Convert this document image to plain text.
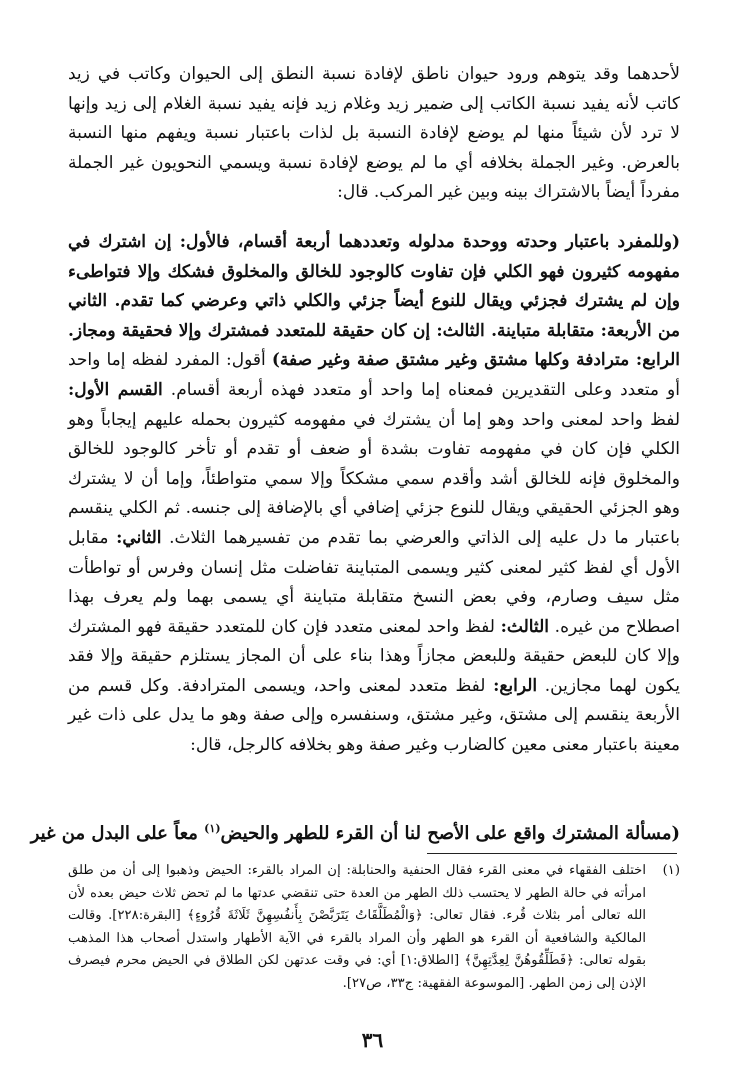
لأحدهما وقد يتوهم ورود حيوان ناطق لإفادة نسبة النطق إلى الحيوان وكاتب في زيد كاتب لأنه يفيد نسبة الكاتب إلى ضمير زيد وغلام زيد فإنه يفيد نسبة الغلام إلى زيد وإنها لا ترد لأن شيئاً منها لم يوضع لإفادة النسبة بل لذات باعتبار نسبة ويفهم منها النسبة بالعرض. وغير الجملة بخلافه أي ما لم يوضع لإفادة نسبة ويسمي النحويون غير الجملة مفرداً أيضاً بالاشتراك بينه وبين غير المركب. قال:

(وللمفرد باعتبار وحدته ووحدة مدلوله وتعددهما أربعة أقسام، فالأول: إن اشترك في مفهومه كثيرون فهو الكلي فإن تفاوت كالوجود للخالق والمخلوق فشكك وإلا فتواطىء وإن لم يشترك فجزئي ويقال للنوع أيضاً جزئي والكلي ذاتي وعرضي كما تقدم. الثاني من الأربعة: متقابلة متباينة. الثالث: إن كان حقيقة للمتعدد فمشترك وإلا فحقيقة ومجاز. الرابع: مترادفة وكلها مشتق وغير مشتق صفة وغير صفة) أقول: المفرد لفظه إما واحد أو متعدد وعلى التقديرين فمعناه إما واحد أو متعدد فهذه أربعة أقسام. القسم الأول: لفظ واحد لمعنى واحد وهو إما أن يشترك في مفهومه كثيرون بحمله عليهم إيجاباً وهو الكلي فإن كان في مفهومه تفاوت بشدة أو ضعف أو تقدم أو تأخر كالوجود للخالق والمخلوق فإنه للخالق أشد وأقدم سمي مشككاً وإلا سمي متواطئاً، وإما أن لا يشترك وهو الجزئي الحقيقي ويقال للنوع جزئي إضافي أي بالإضافة إلى جنسه. ثم الكلي ينقسم باعتبار ما دل عليه إلى الذاتي والعرضي بما تقدم من تفسيرهما الثلاث. الثاني: مقابل الأول أي لفظ كثير لمعنى كثير ويسمى المتباينة تفاضلت مثل إنسان وفرس أو تواطأت مثل سيف وصارم، وفي بعض النسخ متقابلة متباينة أي يسمى بهما ولم يعرف بهذا اصطلاح من غيره. الثالث: لفظ واحد لمعنى متعدد فإن كان للمتعدد حقيقة فهو المشترك وإلا كان للبعض حقيقة وللبعض مجازاً وهذا بناء على أن المجاز يستلزم حقيقة وإلا فقد يكون لهما مجازين. الرابع: لفظ متعدد لمعنى واحد، ويسمى المترادفة. وكل قسم من الأربعة ينقسم إلى مشتق، وغير مشتق، وسنفسره وإلى صفة وهو ما يدل على ذات غير معينة باعتبار معنى معين كالضارب وغير صفة وهو بخلافه كالرجل، قال:

(مسألة المشترك واقع على الأصح لنا أن القرء للطهر والحيض$^{(١)}$ معاً على البدل من غير
(١)
اختلف الفقهاء في معنى القرء فقال الحنفية والحنابلة: إن المراد بالقرء: الحيض وذهبوا إلى أن من طلق امرأته في حالة الطهر لا يحتسب ذلك الطهر من العدة حتى تنقضي عدتها ما لم تحض ثلاث حيض بعده لأن الله تعالى أمر بثلاث قُرء. فقال تعالى: ﴿وَالْمُطَلَّقَاتُ يَتَرَبَّصْنَ بِأَنفُسِهِنَّ ثَلَاثَةَ قُرُوءٍ﴾ [البقرة:٢٢٨]. وقالت المالكية والشافعية أن القرء هو الطهر وأن المراد بالقرء في الآية الأطهار واستدل أصحاب هذا المذهب بقوله تعالى: ﴿فَطَلِّقُوهُنَّ لِعِدَّتِهِنَّ﴾ [الطلاق:١] أي: في وقت عدتهن لكن الطلاق في الحيض محرم فيصرف الإذن إلى زمن الطهر. [الموسوعة الفقهية: ج٣٣، ص٢٧].
٣٦
